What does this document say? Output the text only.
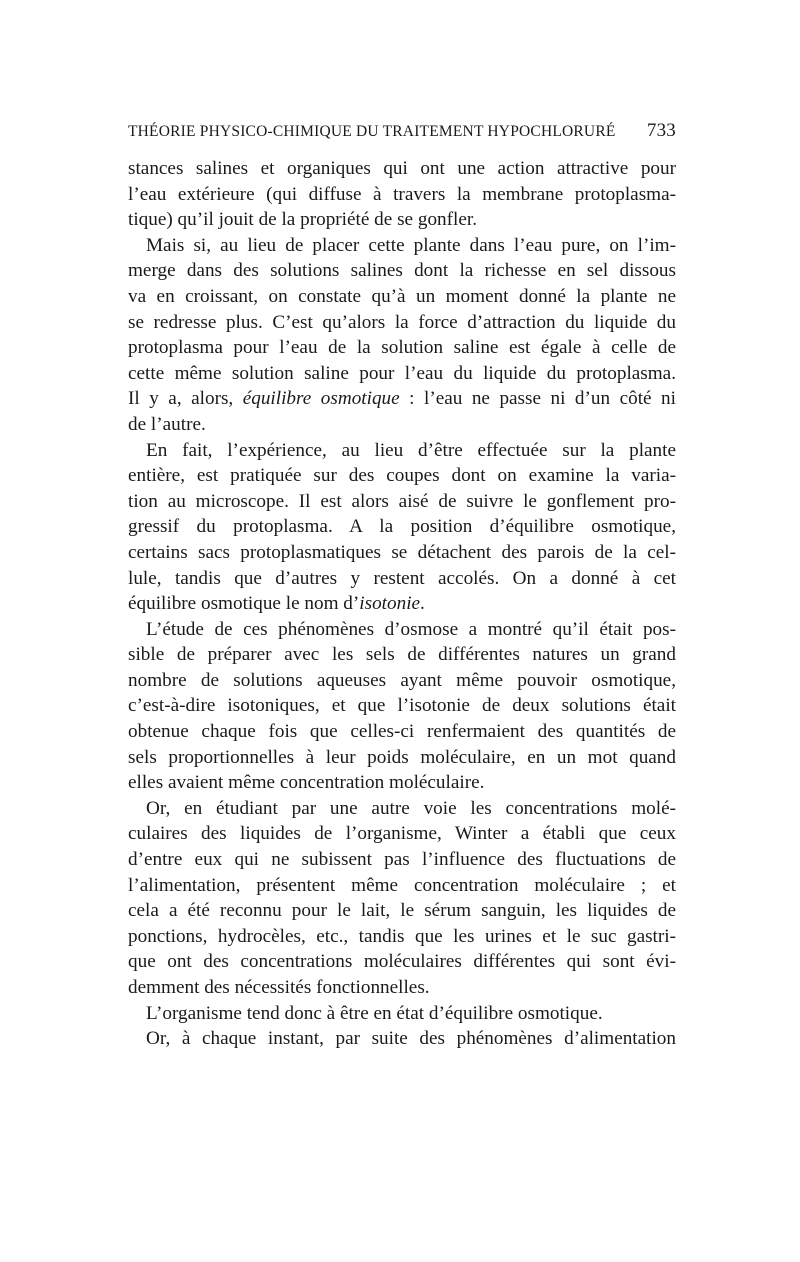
THÉORIE PHYSICO-CHIMIQUE DU TRAITEMENT HYPOCHLORURÉ 733
stances salines et organiques qui ont une action attractive pour
l’eau extérieure (qui diffuse à travers la membrane protoplasma-
tique) qu’il jouit de la propriété de se gonfler.
Mais si, au lieu de placer cette plante dans l’eau pure, on l’im-
merge dans des solutions salines dont la richesse en sel dissous
va en croissant, on constate qu’à un moment donné la plante ne
se redresse plus. C’est qu’alors la force d’attraction du liquide du
protoplasma pour l’eau de la solution saline est égale à celle de
cette même solution saline pour l’eau du liquide du protoplasma.
Il y a, alors, équilibre osmotique : l’eau ne passe ni d’un côté ni
de l’autre.
En fait, l’expérience, au lieu d’être effectuée sur la plante
entière, est pratiquée sur des coupes dont on examine la varia-
tion au microscope. Il est alors aisé de suivre le gonflement pro-
gressif du protoplasma. A la position d’équilibre osmotique,
certains sacs protoplasmatiques se détachent des parois de la cel-
lule, tandis que d’autres y restent accolés. On a donné à cet
équilibre osmotique le nom d’isotonie.
L’étude de ces phénomènes d’osmose a montré qu’il était pos-
sible de préparer avec les sels de différentes natures un grand
nombre de solutions aqueuses ayant même pouvoir osmotique,
c’est-à-dire isotoniques, et que l’isotonie de deux solutions était
obtenue chaque fois que celles-ci renfermaient des quantités de
sels proportionnelles à leur poids moléculaire, en un mot quand
elles avaient même concentration moléculaire.
Or, en étudiant par une autre voie les concentrations molé-
culaires des liquides de l’organisme, Winter a établi que ceux
d’entre eux qui ne subissent pas l’influence des fluctuations de
l’alimentation, présentent même concentration moléculaire ; et
cela a été reconnu pour le lait, le sérum sanguin, les liquides de
ponctions, hydrocèles, etc., tandis que les urines et le suc gastri-
que ont des concentrations moléculaires différentes qui sont évi-
demment des nécessités fonctionnelles.
L’organisme tend donc à être en état d’équilibre osmotique.
Or, à chaque instant, par suite des phénomènes d’alimentation
